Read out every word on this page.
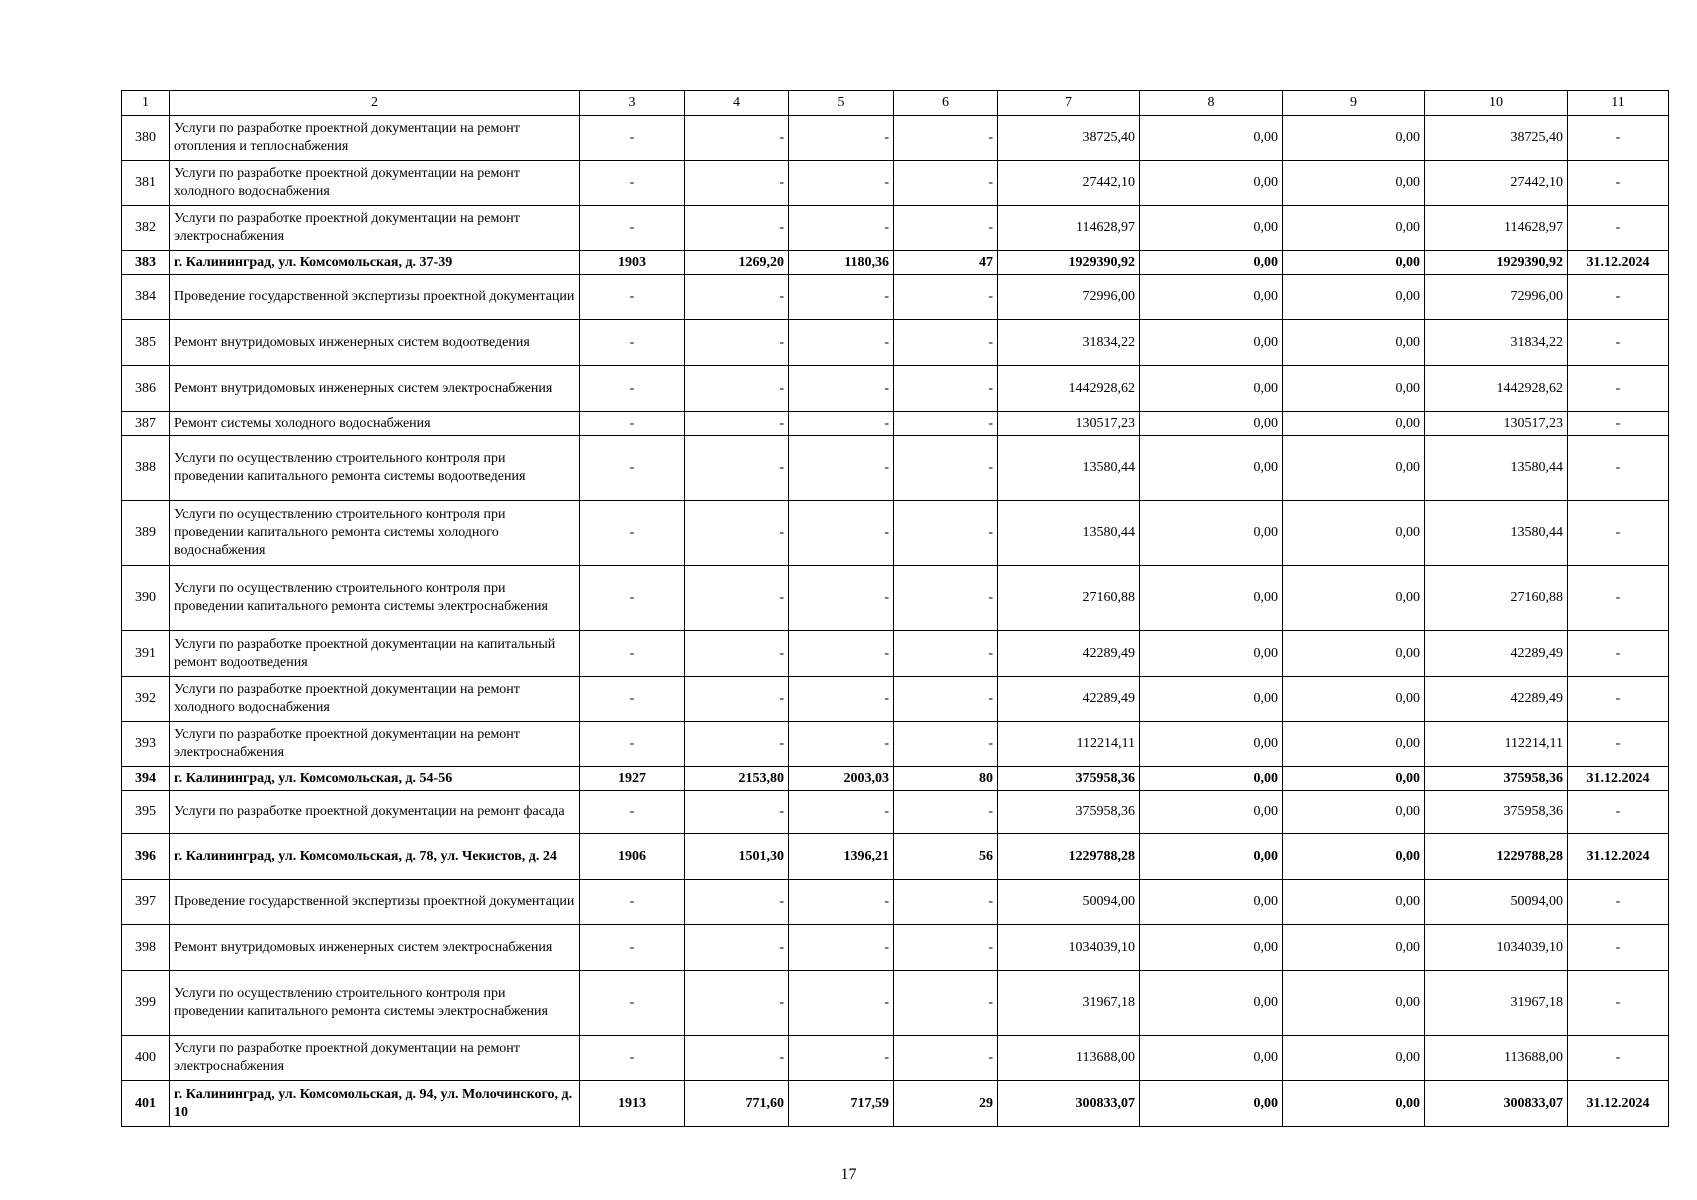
1	2	3	4	5	6	7	8	9	10	11
380	Услуги по разработке проектной документации на ремонт отопления и теплоснабжения	-	-	-	-	38725,40	0,00	0,00	38725,40	-
381	Услуги по разработке проектной документации на ремонт холодного водоснабжения	-	-	-	-	27442,10	0,00	0,00	27442,10	-
382	Услуги по разработке проектной документации на ремонт электроснабжения	-	-	-	-	114628,97	0,00	0,00	114628,97	-
383	г. Калининград, ул. Комсомольская, д. 37-39	1903	1269,20	1180,36	47	1929390,92	0,00	0,00	1929390,92	31.12.2024
384	Проведение государственной экспертизы проектной документации	-	-	-	-	72996,00	0,00	0,00	72996,00	-
385	Ремонт внутридомовых инженерных систем водоотведения	-	-	-	-	31834,22	0,00	0,00	31834,22	-
386	Ремонт внутридомовых инженерных систем электроснабжения	-	-	-	-	1442928,62	0,00	0,00	1442928,62	-
387	Ремонт системы холодного водоснабжения	-	-	-	-	130517,23	0,00	0,00	130517,23	-
388	Услуги по осуществлению строительного контроля при проведении капитального ремонта системы водоотведения	-	-	-	-	13580,44	0,00	0,00	13580,44	-
389	Услуги по осуществлению строительного контроля при проведении капитального ремонта системы холодного водоснабжения	-	-	-	-	13580,44	0,00	0,00	13580,44	-
390	Услуги по осуществлению строительного контроля при проведении капитального ремонта системы электроснабжения	-	-	-	-	27160,88	0,00	0,00	27160,88	-
391	Услуги по разработке проектной документации на капитальный ремонт водоотведения	-	-	-	-	42289,49	0,00	0,00	42289,49	-
392	Услуги по разработке проектной документации на ремонт холодного водоснабжения	-	-	-	-	42289,49	0,00	0,00	42289,49	-
393	Услуги по разработке проектной документации на ремонт электроснабжения	-	-	-	-	112214,11	0,00	0,00	112214,11	-
394	г. Калининград, ул. Комсомольская, д. 54-56	1927	2153,80	2003,03	80	375958,36	0,00	0,00	375958,36	31.12.2024
395	Услуги по разработке проектной документации на ремонт фасада	-	-	-	-	375958,36	0,00	0,00	375958,36	-
396	г. Калининград, ул. Комсомольская, д. 78, ул. Чекистов, д. 24	1906	1501,30	1396,21	56	1229788,28	0,00	0,00	1229788,28	31.12.2024
397	Проведение государственной экспертизы проектной документации	-	-	-	-	50094,00	0,00	0,00	50094,00	-
398	Ремонт внутридомовых инженерных систем электроснабжения	-	-	-	-	1034039,10	0,00	0,00	1034039,10	-
399	Услуги по осуществлению строительного контроля при проведении капитального ремонта системы электроснабжения	-	-	-	-	31967,18	0,00	0,00	31967,18	-
400	Услуги по разработке проектной документации на ремонт электроснабжения	-	-	-	-	113688,00	0,00	0,00	113688,00	-
401	г. Калининград, ул. Комсомольская, д. 94, ул. Молочинского, д. 10	1913	771,60	717,59	29	300833,07	0,00	0,00	300833,07	31.12.2024
17
